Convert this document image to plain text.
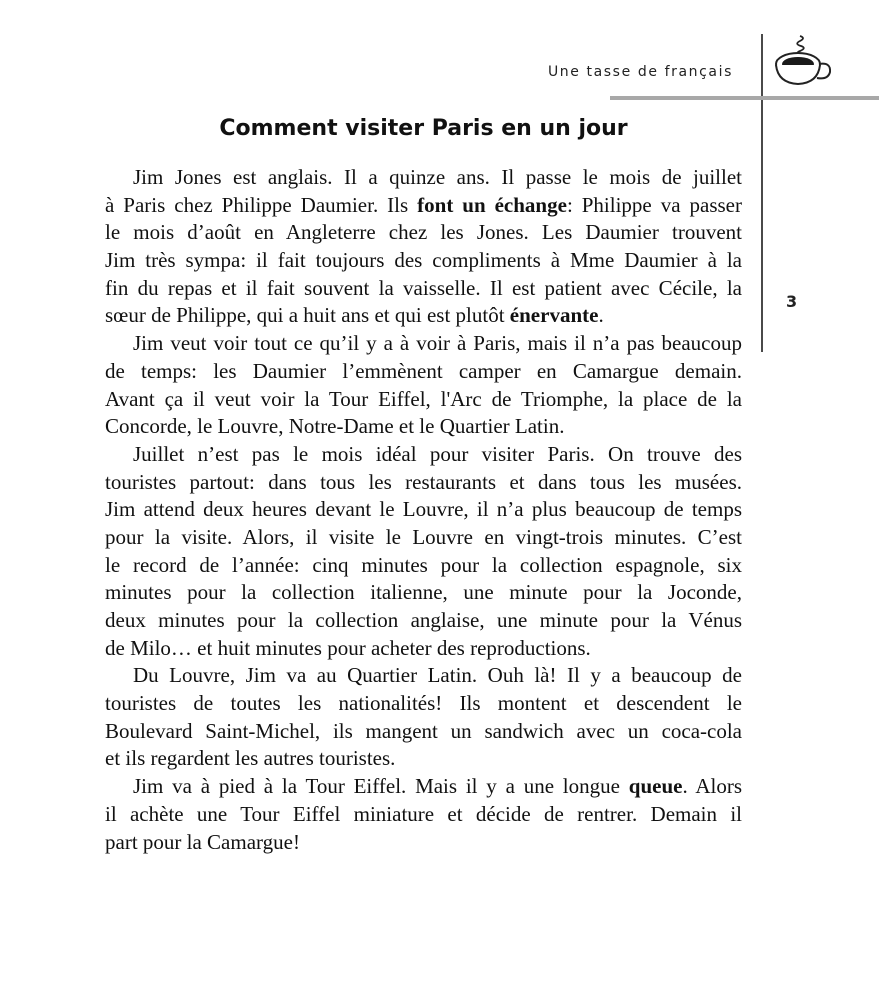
Une tasse de français
Comment visiter Paris en un jour
3
Jim Jones est anglais. Il a quinze ans. Il passe le mois de juillet
à Paris chez Philippe Daumier. Ils font un échange: Philippe va passer
le mois d’août en Angleterre chez les Jones. Les Daumier trouvent
Jim très sympa: il fait toujours des compliments à Mme Daumier à la
fin du repas et il fait souvent la vaisselle. Il est patient avec Cécile, la
sœur de Philippe, qui a huit ans et qui est plutôt énervante.
Jim veut voir tout ce qu’il y a à voir à Paris, mais il n’a pas beaucoup
de temps: les Daumier l’emmènent camper en Camargue demain.
Avant ça il veut voir la Tour Eiffel, l'Arc de Triomphe, la place de la
Concorde, le Louvre, Notre-Dame et le Quartier Latin.
Juillet n’est pas le mois idéal pour visiter Paris. On trouve des
touristes partout: dans tous les restaurants et dans tous les musées.
Jim attend deux heures devant le Louvre, il n’a plus beaucoup de temps
pour la visite. Alors, il visite le Louvre en vingt-trois minutes. C’est
le record de l’année: cinq minutes pour la collection espagnole, six
minutes pour la collection italienne, une minute pour la Joconde,
deux minutes pour la collection anglaise, une minute pour la Vénus
de Milo… et huit minutes pour acheter des reproductions.
Du Louvre, Jim va au Quartier Latin. Ouh là! Il y a beaucoup de
touristes de toutes les nationalités! Ils montent et descendent le
Boulevard Saint-Michel, ils mangent un sandwich avec un coca-cola
et ils regardent les autres touristes.
Jim va à pied à la Tour Eiffel. Mais il y a une longue queue. Alors
il achète une Tour Eiffel miniature et décide de rentrer. Demain il
part pour la Camargue!
